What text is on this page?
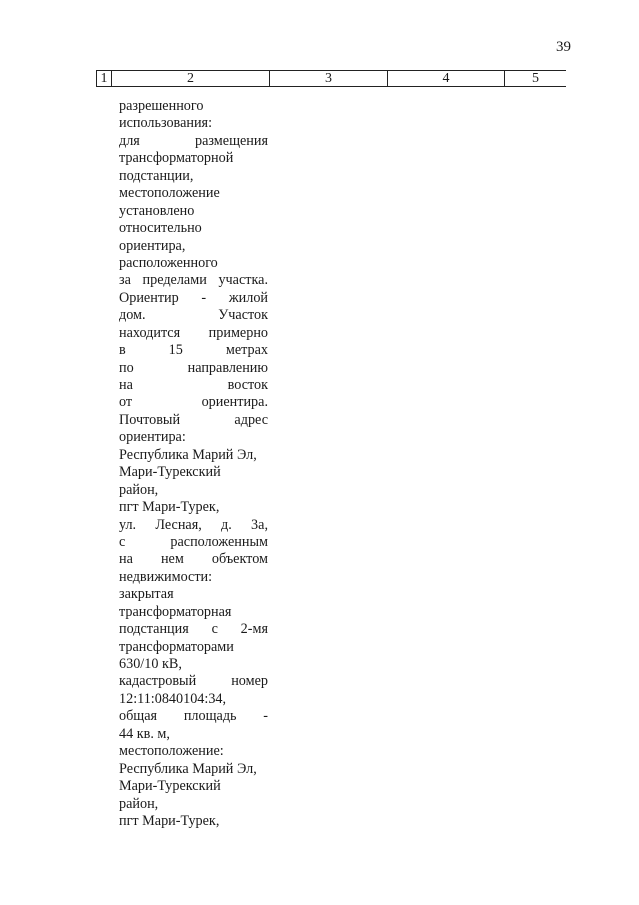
39
1	2	3	4	5
разрешенного
использования:
для размещения
трансформаторной
подстанции,
местоположение
установлено
относительно
ориентира,
расположенного
за пределами участка.
Ориентир - жилой
дом. Участок
находится примерно
в 15 метрах
по направлению
на восток
от ориентира.
Почтовый адрес
ориентира:
Республика Марий Эл,
Мари-Турекский
район,
пгт Мари-Турек,
ул. Лесная, д. 3а,
с расположенным
на нем объектом
недвижимости:
закрытая
трансформаторная
подстанция с 2-мя
трансформаторами
630/10 кВ,
кадастровый номер
12:11:0840104:34,
общая площадь -
44 кв. м,
местоположение:
Республика Марий Эл,
Мари-Турекский
район,
пгт Мари-Турек,
